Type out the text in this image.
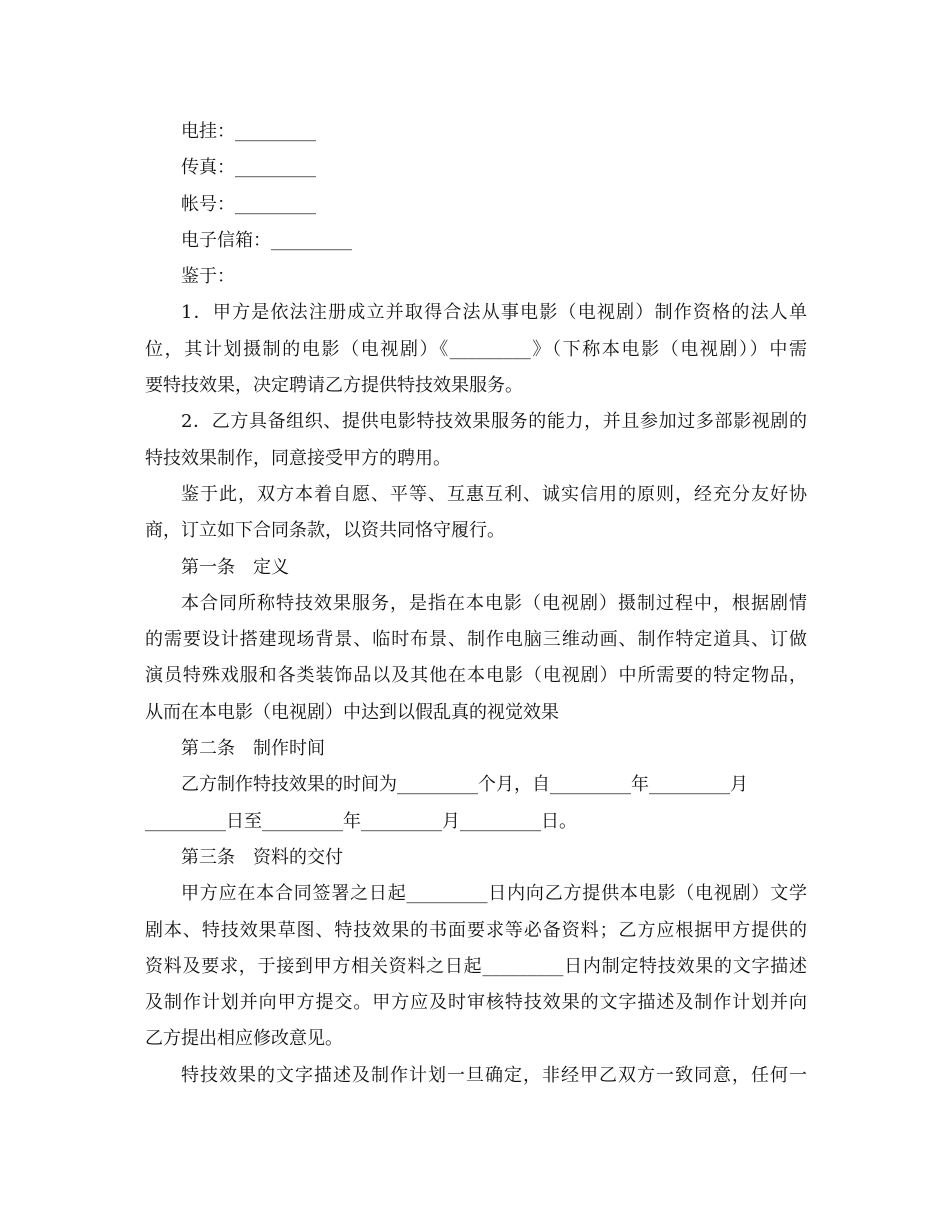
电挂：_________
传真：_________
帐号：_________
电子信箱：_________
鉴于：
1．甲方是依法注册成立并取得合法从事电影（电视剧）制作资格的法人单
位，其计划摄制的电影（电视剧）《_________》（下称本电影（电视剧））中需
要特技效果，决定聘请乙方提供特技效果服务。
2．乙方具备组织、提供电影特技效果服务的能力，并且参加过多部影视剧的
特技效果制作，同意接受甲方的聘用。
鉴于此，双方本着自愿、平等、互惠互利、诚实信用的原则，经充分友好协
商，订立如下合同条款，以资共同恪守履行。
第一条　定义
本合同所称特技效果服务，是指在本电影（电视剧）摄制过程中，根据剧情
的需要设计搭建现场背景、临时布景、制作电脑三维动画、制作特定道具、订做
演员特殊戏服和各类装饰品以及其他在本电影（电视剧）中所需要的特定物品，
从而在本电影（电视剧）中达到以假乱真的视觉效果
第二条　制作时间
乙方制作特技效果的时间为_________个月，自_________年_________月
_________日至_________年_________月_________日。
第三条　资料的交付
甲方应在本合同签署之日起_________日内向乙方提供本电影（电视剧）文学
剧本、特技效果草图、特技效果的书面要求等必备资料；乙方应根据甲方提供的
资料及要求，于接到甲方相关资料之日起_________日内制定特技效果的文字描述
及制作计划并向甲方提交。甲方应及时审核特技效果的文字描述及制作计划并向
乙方提出相应修改意见。
特技效果的文字描述及制作计划一旦确定，非经甲乙双方一致同意，任何一
